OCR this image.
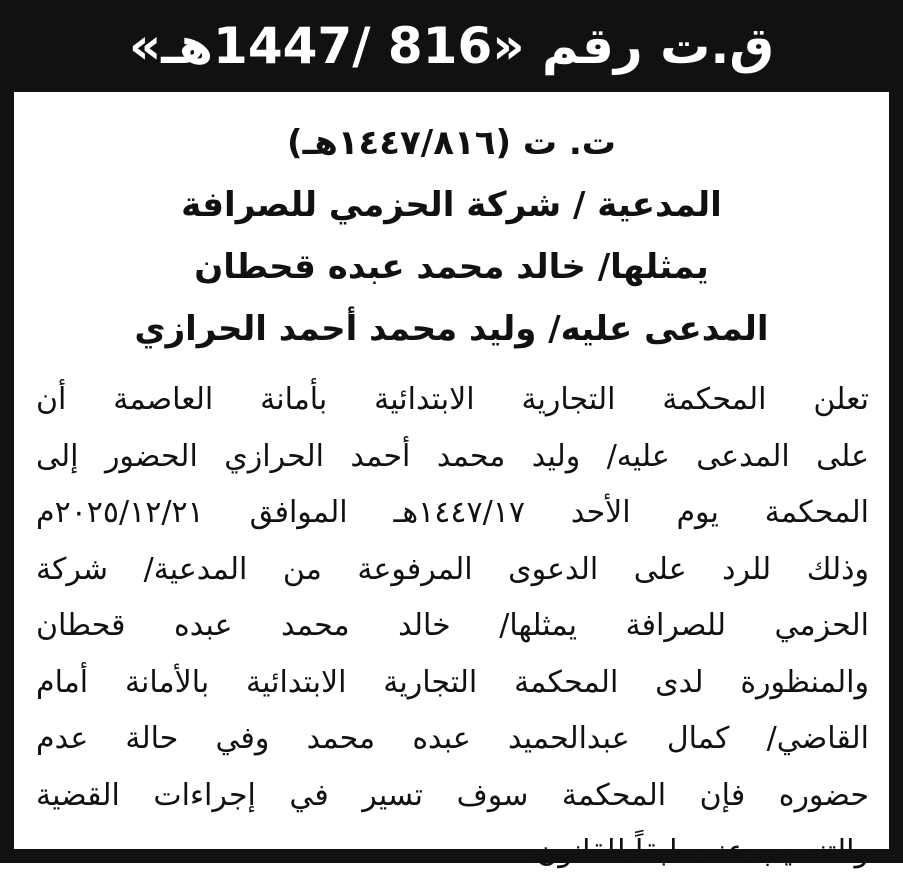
ق.ت رقم «816 /1447هـ»
ت. ت (١٤٤٧/٨١٦هـ)
المدعية / شركة الحزمي للصرافة
يمثلها/ خالد محمد عبده قحطان
المدعى عليه/ وليد محمد أحمد الحرازي
تعلن المحكمة التجارية الابتدائية بأمانة العاصمة أن
على المدعى عليه/ وليد محمد أحمد الحرازي الحضور إلى
المحكمة يوم الأحد ١٤٤٧/١٧هـ الموافق ٢٠٢٥/١٢/٢١م
وذلك للرد على الدعوى المرفوعة من المدعية/ شركة
الحزمي للصرافة يمثلها/ خالد محمد عبده قحطان
والمنظورة لدى المحكمة التجارية الابتدائية بالأمانة أمام
القاضي/ كمال عبدالحميد عبده محمد وفي حالة عدم
حضوره فإن المحكمة سوف تسير في إجراءات القضية
والتنصيب عنه طبقاً للقانون.
